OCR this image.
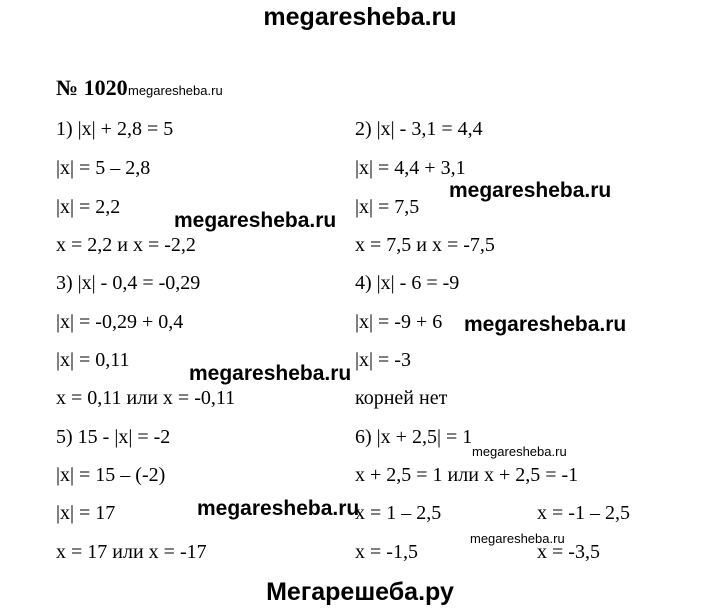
megaresheba.ru
№ 1020 megaresheba.ru
1) |x| + 2,8 = 5
|x| = 5 – 2,8
|x| = 2,2
x = 2,2 и x = -2,2
3) |x| - 0,4 = -0,29
|x| = -0,29 + 0,4
|x| = 0,11
x = 0,11 или x = -0,11
5) 15 - |x| = -2
|x| = 15 – (-2)
|x| = 17
x = 17 или x = -17
2) |x| - 3,1 = 4,4
|x| = 4,4 + 3,1
|x| = 7,5
x = 7,5 и x = -7,5
4) |x| - 6 = -9
|x| = -9 + 6
|x| = -3
корней нет
6) |x + 2,5| = 1
x + 2,5 = 1 или x + 2,5 = -1
x = 1 – 2,5
x = -1,5
x = -1 – 2,5
x = -3,5
megaresheba.ru
megaresheba.ru
megaresheba.ru
megaresheba.ru
megaresheba.ru
megaresheba.ru
megaresheba.ru
Мегарешеба.ру
